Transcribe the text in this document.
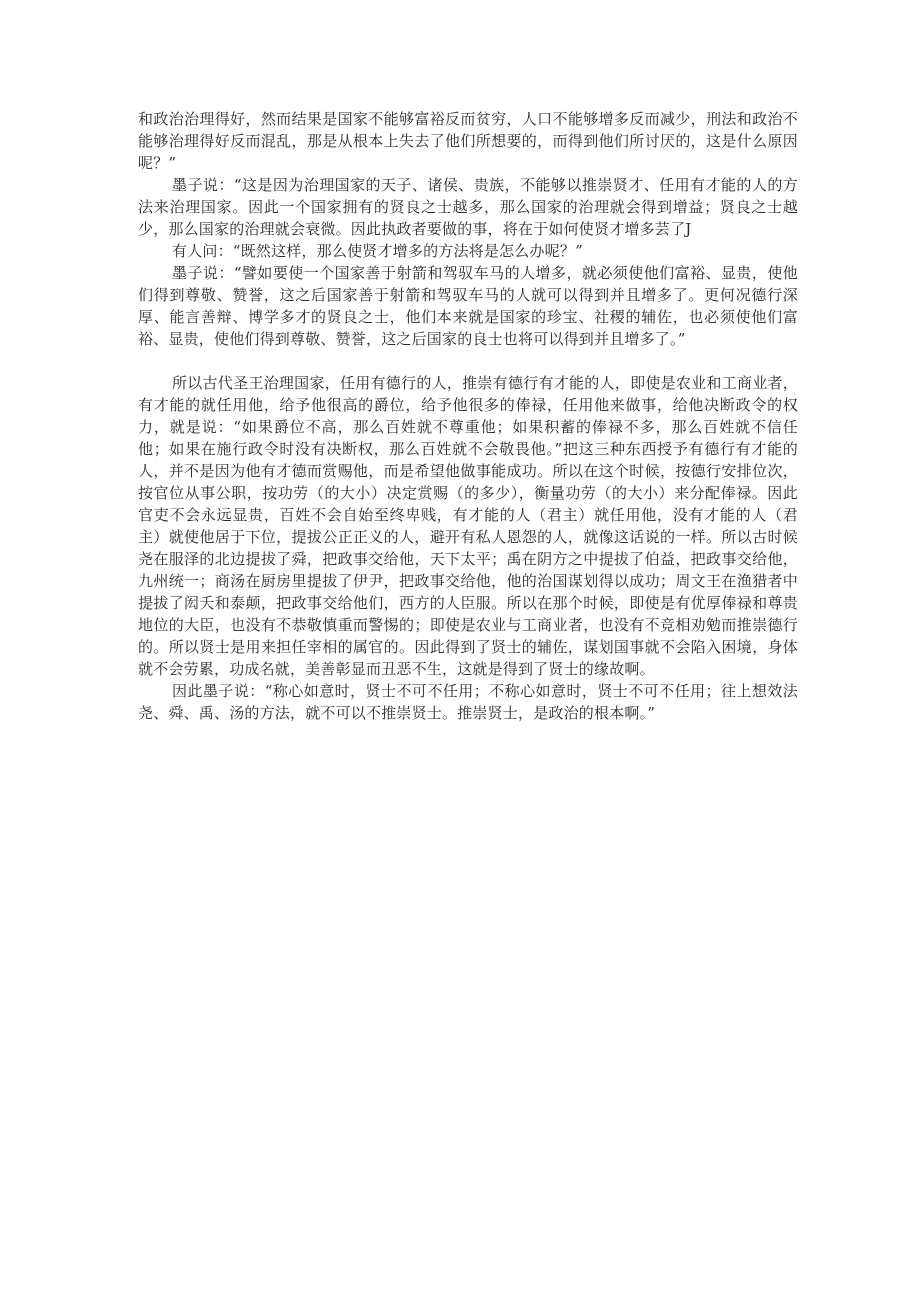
和政治治理得好，然而结果是国家不能够富裕反而贫穷，人口不能够增多反而减少，刑法和政治不能够治理得好反而混乱，那是从根本上失去了他们所想要的，而得到他们所讨厌的，这是什么原因呢？”

墨子说：“这是因为治理国家的天子、诸侯、贵族，不能够以推崇贤才、任用有才能的人的方法来治理国家。因此一个国家拥有的贤良之士越多，那么国家的治理就会得到增益；贤良之士越少，那么国家的治理就会衰微。因此执政者要做的事，将在于如何使贤才增多芸了J

有人问：“既然这样，那么使贤才增多的方法将是怎么办呢？”

墨子说：“譬如要使一个国家善于射箭和驾驭车马的人增多，就必须使他们富裕、显贵，使他们得到尊敬、赞誉，这之后国家善于射箭和驾驭车马的人就可以得到并且增多了。更何况德行深厚、能言善辩、博学多才的贤良之士，他们本来就是国家的珍宝、社稷的辅佐，也必须使他们富裕、显贵，使他们得到尊敬、赞誉，这之后国家的良士也将可以得到并且增多了。”

所以古代圣王治理国家，任用有德行的人，推崇有德行有才能的人，即使是农业和工商业者，有才能的就任用他，给予他很高的爵位，给予他很多的俸禄，任用他来做事，给他决断政令的权力，就是说：“如果爵位不高，那么百姓就不尊重他；如果积蓄的俸禄不多，那么百姓就不信任他；如果在施行政令时没有决断权，那么百姓就不会敬畏他。”把这三种东西授予有德行有才能的人，并不是因为他有才德而赏赐他，而是希望他做事能成功。所以在这个时候，按德行安排位次，按官位从事公职，按功劳（的大小）决定赏赐（的多少），衡量功劳（的大小）来分配俸禄。因此官吏不会永远显贵，百姓不会自始至终卑贱，有才能的人（君主）就任用他，没有才能的人（君主）就使他居于下位，提拔公正正义的人，避开有私人恩怨的人，就像这话说的一样。所以古时候尧在服泽的北边提拔了舜，把政事交给他，天下太平；禹在阴方之中提拔了伯益，把政事交给他，九州统一；商汤在厨房里提拔了伊尹，把政事交给他，他的治国谋划得以成功；周文王在渔猎者中提拔了闳夭和泰颠，把政事交给他们，西方的人臣服。所以在那个时候，即使是有优厚俸禄和尊贵地位的大臣，也没有不恭敬慎重而警惕的；即使是农业与工商业者，也没有不竞相劝勉而推崇德行的。所以贤士是用来担任宰相的属官的。因此得到了贤士的辅佐，谋划国事就不会陷入困境，身体就不会劳累，功成名就，美善彰显而丑恶不生，这就是得到了贤士的缘故啊。

因此墨子说：“称心如意时，贤士不可不任用；不称心如意时，贤士不可不任用；往上想效法尧、舜、禹、汤的方法，就不可以不推崇贤士。推崇贤士，是政治的根本啊。”
